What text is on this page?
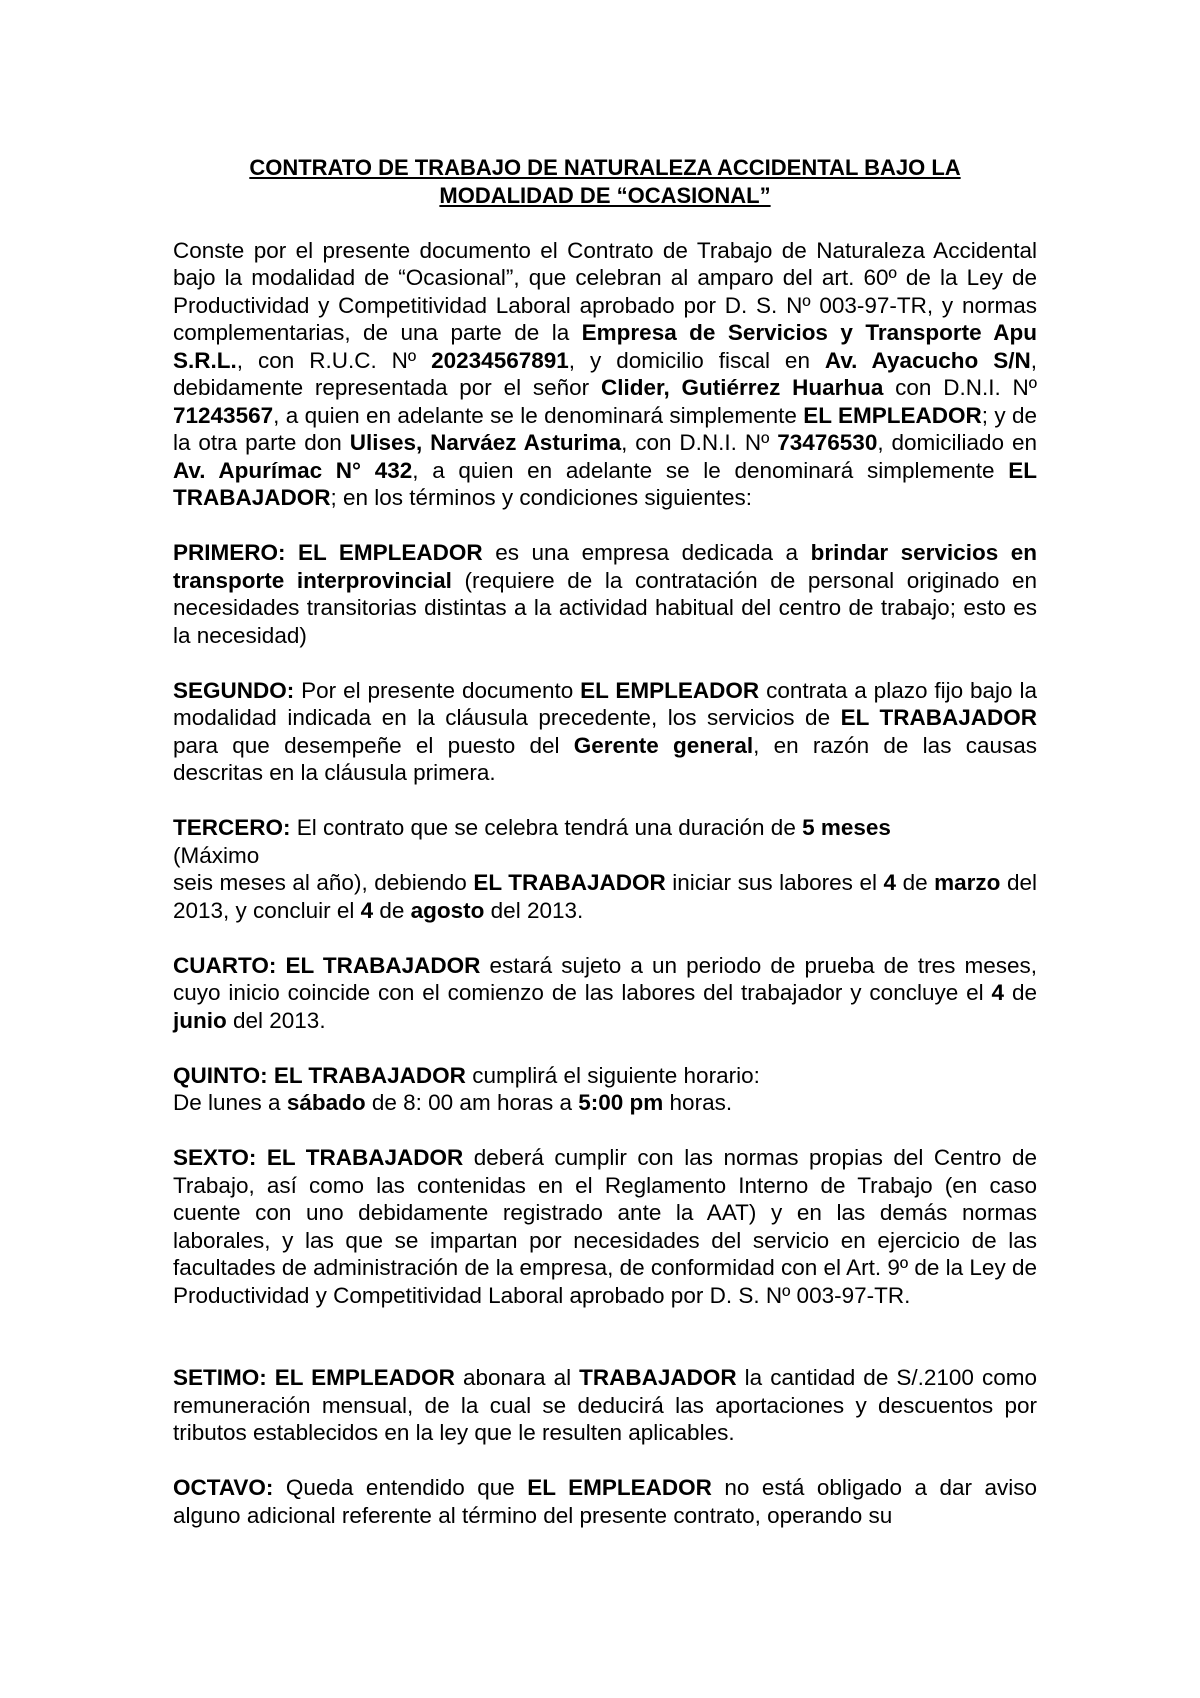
CONTRATO DE TRABAJO DE NATURALEZA ACCIDENTAL BAJO LA
MODALIDAD DE “OCASIONAL”

Conste por el presente documento el Contrato de Trabajo de Naturaleza Accidental bajo la modalidad de “Ocasional”, que celebran al amparo del art. 60º de la Ley de Productividad y Competitividad Laboral aprobado por D. S. Nº 003-97-TR, y normas complementarias, de una parte de la Empresa de Servicios y Transporte Apu S.R.L., con R.U.C. Nº 20234567891, y domicilio fiscal en Av. Ayacucho S/N, debidamente representada por el señor Clider, Gutiérrez Huarhua con D.N.I. Nº 71243567, a quien en adelante se le denominará simplemente EL EMPLEADOR; y de la otra parte don Ulises, Narváez Asturima, con D.N.I. Nº 73476530, domiciliado en Av. Apurímac N° 432, a quien en adelante se le denominará simplemente EL TRABAJADOR; en los términos y condiciones siguientes:

PRIMERO: EL EMPLEADOR es una empresa dedicada a brindar servicios en transporte interprovincial (requiere de la contratación de personal originado en necesidades transitorias distintas a la actividad habitual del centro de trabajo; esto es la necesidad)

SEGUNDO: Por el presente documento EL EMPLEADOR contrata a plazo fijo bajo la modalidad indicada en la cláusula precedente, los servicios de EL TRABAJADOR para que desempeñe el puesto del Gerente general, en razón de las causas descritas en la cláusula primera.

TERCERO: El contrato que se celebra tendrá una duración de 5 meses
(Máximo
seis meses al año), debiendo EL TRABAJADOR iniciar sus labores el 4 de marzo del 2013, y concluir el 4 de agosto del 2013.

CUARTO: EL TRABAJADOR estará sujeto a un periodo de prueba de tres meses, cuyo inicio coincide con el comienzo de las labores del trabajador y concluye el 4 de junio del 2013.

QUINTO: EL TRABAJADOR cumplirá el siguiente horario:
De lunes a sábado de 8: 00 am horas a 5:00 pm horas.

SEXTO: EL TRABAJADOR deberá cumplir con las normas propias del Centro de Trabajo, así como las contenidas en el Reglamento Interno de Trabajo (en caso cuente con uno debidamente registrado ante la AAT) y en las demás normas laborales, y las que se impartan por necesidades del servicio en ejercicio de las facultades de administración de la empresa, de conformidad con el Art. 9º de la Ley de Productividad y Competitividad Laboral aprobado por D. S. Nº 003-97-TR.

SETIMO: EL EMPLEADOR abonara al TRABAJADOR la cantidad de S/.2100 como remuneración mensual, de la cual se deducirá las aportaciones y descuentos por tributos establecidos en la ley que le resulten aplicables.

OCTAVO: Queda entendido que EL EMPLEADOR no está obligado a dar aviso alguno adicional referente al término del presente contrato, operando su
